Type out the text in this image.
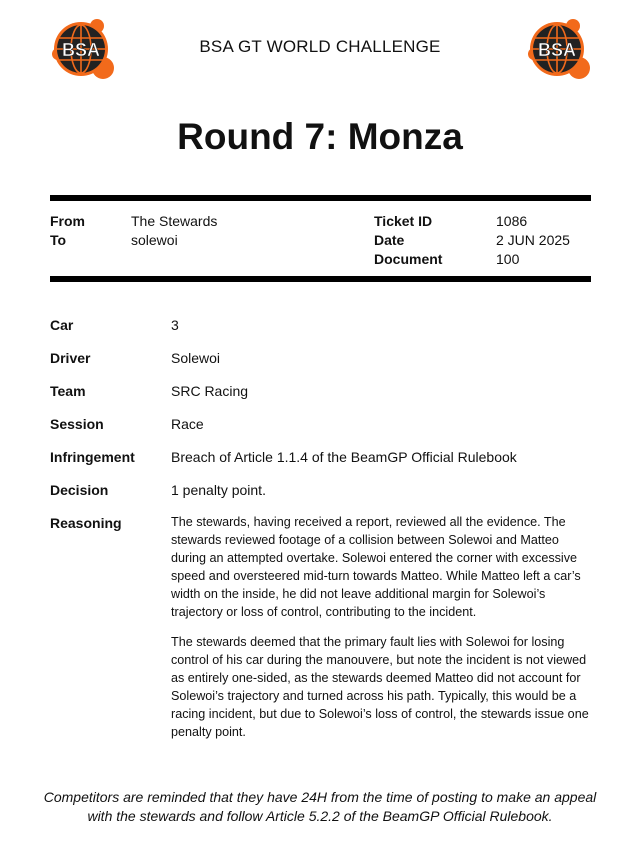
BSA	BSA
BSA GT WORLD CHALLENGE
Round 7: Monza
From	The Stewards
To	solewoi
Ticket ID	1086
Date	2 JUN 2025
Document	100
Car	3
Driver	Solewoi
Team	SRC Racing
Session	Race
Infringement	Breach of Article 1.1.4 of the BeamGP Official Rulebook
Decision	1 penalty point.
Reasoning	The stewards, having received a report, reviewed all the evidence. The stewards reviewed footage of a collision between Solewoi and Matteo during an attempted overtake. Solewoi entered the corner with excessive speed and oversteered mid-turn towards Matteo. While Matteo left a car’s width on the inside, he did not leave additional margin for Solewoi’s trajectory or loss of control, contributing to the incident.

The stewards deemed that the primary fault lies with Solewoi for losing control of his car during the manouvere, but note the incident is not viewed as entirely one-sided, as the stewards deemed Matteo did not account for Solewoi’s trajectory and turned across his path. Typically, this would be a racing incident, but due to Solewoi’s loss of control, the stewards issue one penalty point.

Competitors are reminded that they have 24H from the time of posting to make an appeal with the stewards and follow Article 5.2.2 of the BeamGP Official Rulebook.
